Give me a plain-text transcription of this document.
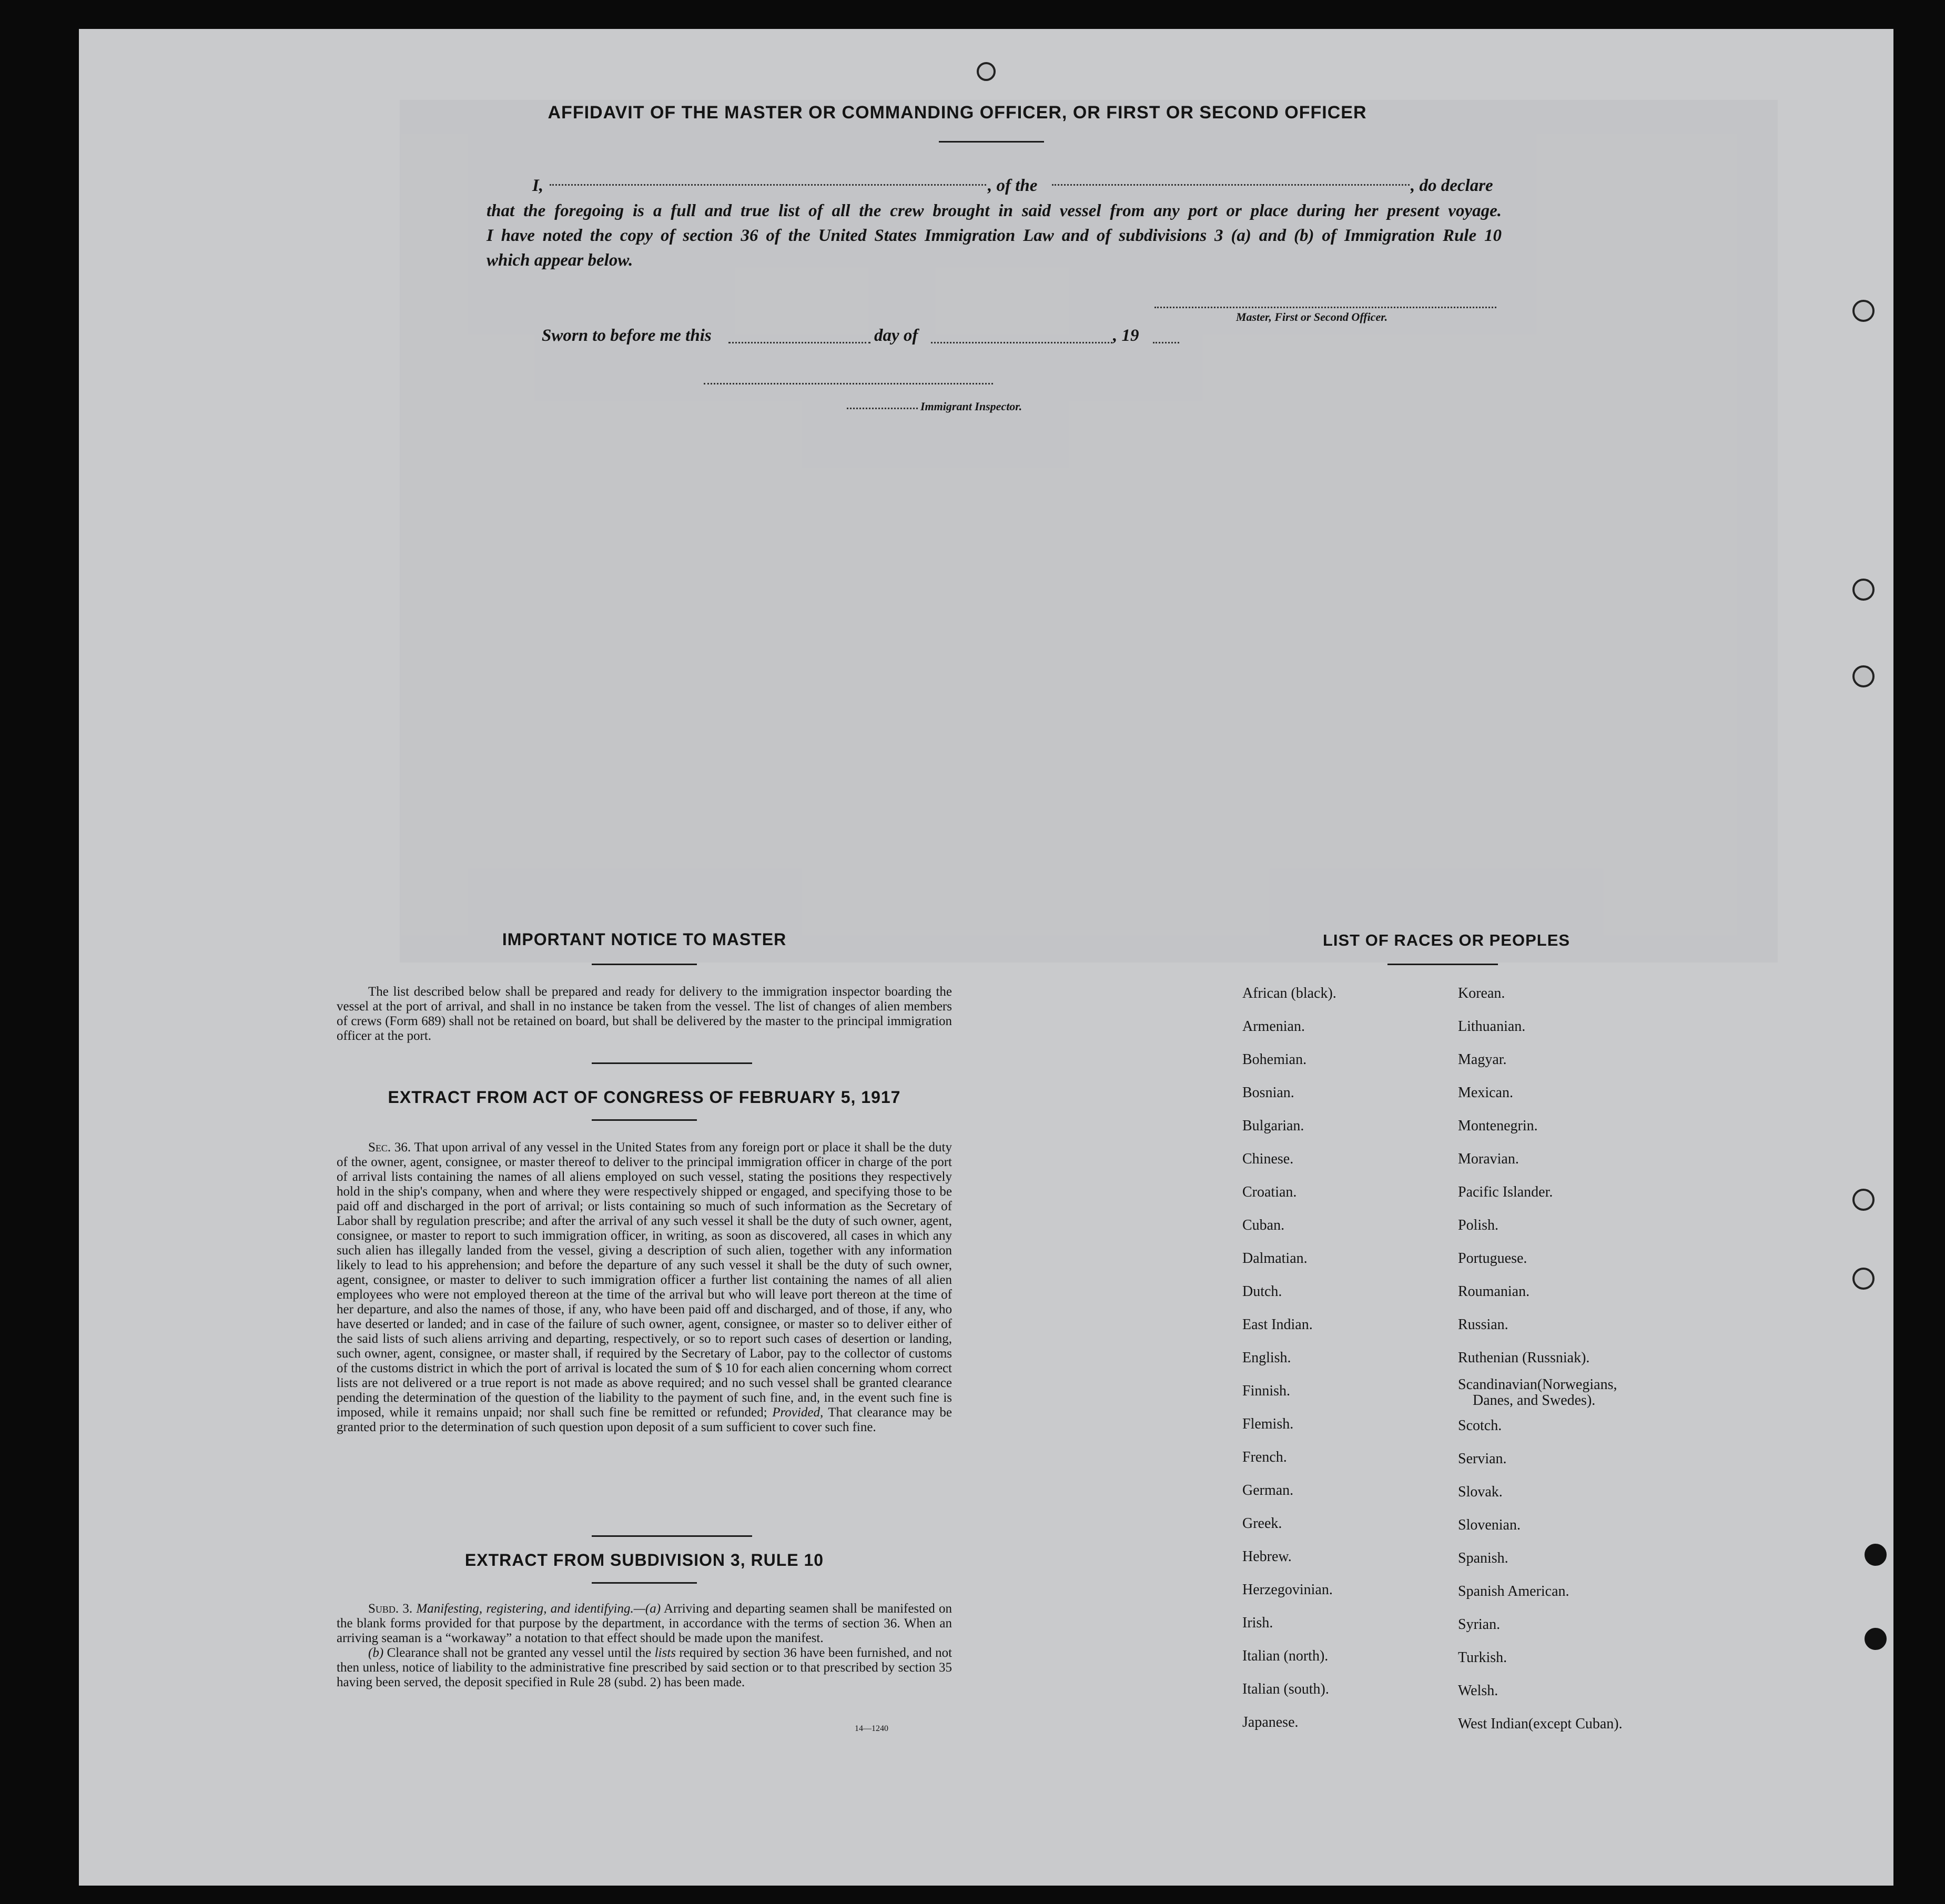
AFFIDAVIT OF THE MASTER OR COMMANDING OFFICER, OR FIRST OR SECOND OFFICER
I,	, of the	, do declare
that the foregoing is a full and true list of all the crew brought in said vessel from any port or place during her present voyage.
I have noted the copy of section 36 of the United States Immigration Law and of subdivisions 3 (a) and (b) of Immigration Rule 10
which appear below.
Master, First or Second Officer.
Sworn to before me this	day of	, 19
Immigrant Inspector.
IMPORTANT NOTICE TO MASTER

The list described below shall be prepared and ready for delivery to the immigration inspector boarding the vessel at the port of arrival, and shall in no instance be taken from the vessel. The list of changes of alien members of crews (Form 689) shall not be retained on board, but shall be delivered by the master to the principal immigration officer at the port.

EXTRACT FROM ACT OF CONGRESS OF FEBRUARY 5, 1917

Sec. 36. That upon arrival of any vessel in the United States from any foreign port or place it shall be the duty of the owner, agent, consignee, or master thereof to deliver to the principal immigration officer in charge of the port of arrival lists containing the names of all aliens employed on such vessel, stating the positions they respectively hold in the ship's company, when and where they were respectively shipped or engaged, and specifying those to be paid off and discharged in the port of arrival; or lists containing so much of such information as the Secretary of Labor shall by regulation prescribe; and after the arrival of any such vessel it shall be the duty of such owner, agent, consignee, or master to report to such immigration officer, in writing, as soon as discovered, all cases in which any such alien has illegally landed from the vessel, giving a description of such alien, together with any information likely to lead to his apprehension; and before the departure of any such vessel it shall be the duty of such owner, agent, consignee, or master to deliver to such immigration officer a further list containing the names of all alien employees who were not employed thereon at the time of the arrival but who will leave port thereon at the time of her departure, and also the names of those, if any, who have been paid off and discharged, and of those, if any, who have deserted or landed; and in case of the failure of such owner, agent, consignee, or master so to deliver either of the said lists of such aliens arriving and departing, respectively, or so to report such cases of desertion or landing, such owner, agent, consignee, or master shall, if required by the Secretary of Labor, pay to the collector of customs of the customs district in which the port of arrival is located the sum of $ 10 for each alien concerning whom correct lists are not delivered or a true report is not made as above required; and no such vessel shall be granted clearance pending the determination of the question of the liability to the payment of such fine, and, in the event such fine is imposed, while it remains unpaid; nor shall such fine be remitted or refunded; Provided, That clearance may be granted prior to the determination of such question upon deposit of a sum sufficient to cover such fine.

EXTRACT FROM SUBDIVISION 3, RULE 10

Subd. 3. Manifesting, registering, and identifying.—(a) Arriving and departing seamen shall be manifested on the blank forms provided for that purpose by the department, in accordance with the terms of section 36. When an arriving seaman is a “workaway” a notation to that effect should be made upon the manifest.

(b) Clearance shall not be granted any vessel until the lists required by section 36 have been furnished, and not then unless, notice of liability to the administrative fine prescribed by said section or to that prescribed by section 35 having been served, the deposit specified in Rule 28 (subd. 2) has been made.

14—1240
LIST OF RACES OR PEOPLES
African (black).
Armenian.
Bohemian.
Bosnian.
Bulgarian.
Chinese.
Croatian.
Cuban.
Dalmatian.
Dutch.
East Indian.
English.
Finnish.
Flemish.
French.
German.
Greek.
Hebrew.
Herzegovinian.
Irish.
Italian (north).
Italian (south).
Japanese.
Korean.
Lithuanian.
Magyar.
Mexican.
Montenegrin.
Moravian.
Pacific Islander.
Polish.
Portuguese.
Roumanian.
Russian.
Ruthenian (Russniak).
Scandinavian(Norwegians,
Danes, and Swedes).
Scotch.
Servian.
Slovak.
Slovenian.
Spanish.
Spanish American.
Syrian.
Turkish.
Welsh.
West Indian(except Cuban).
